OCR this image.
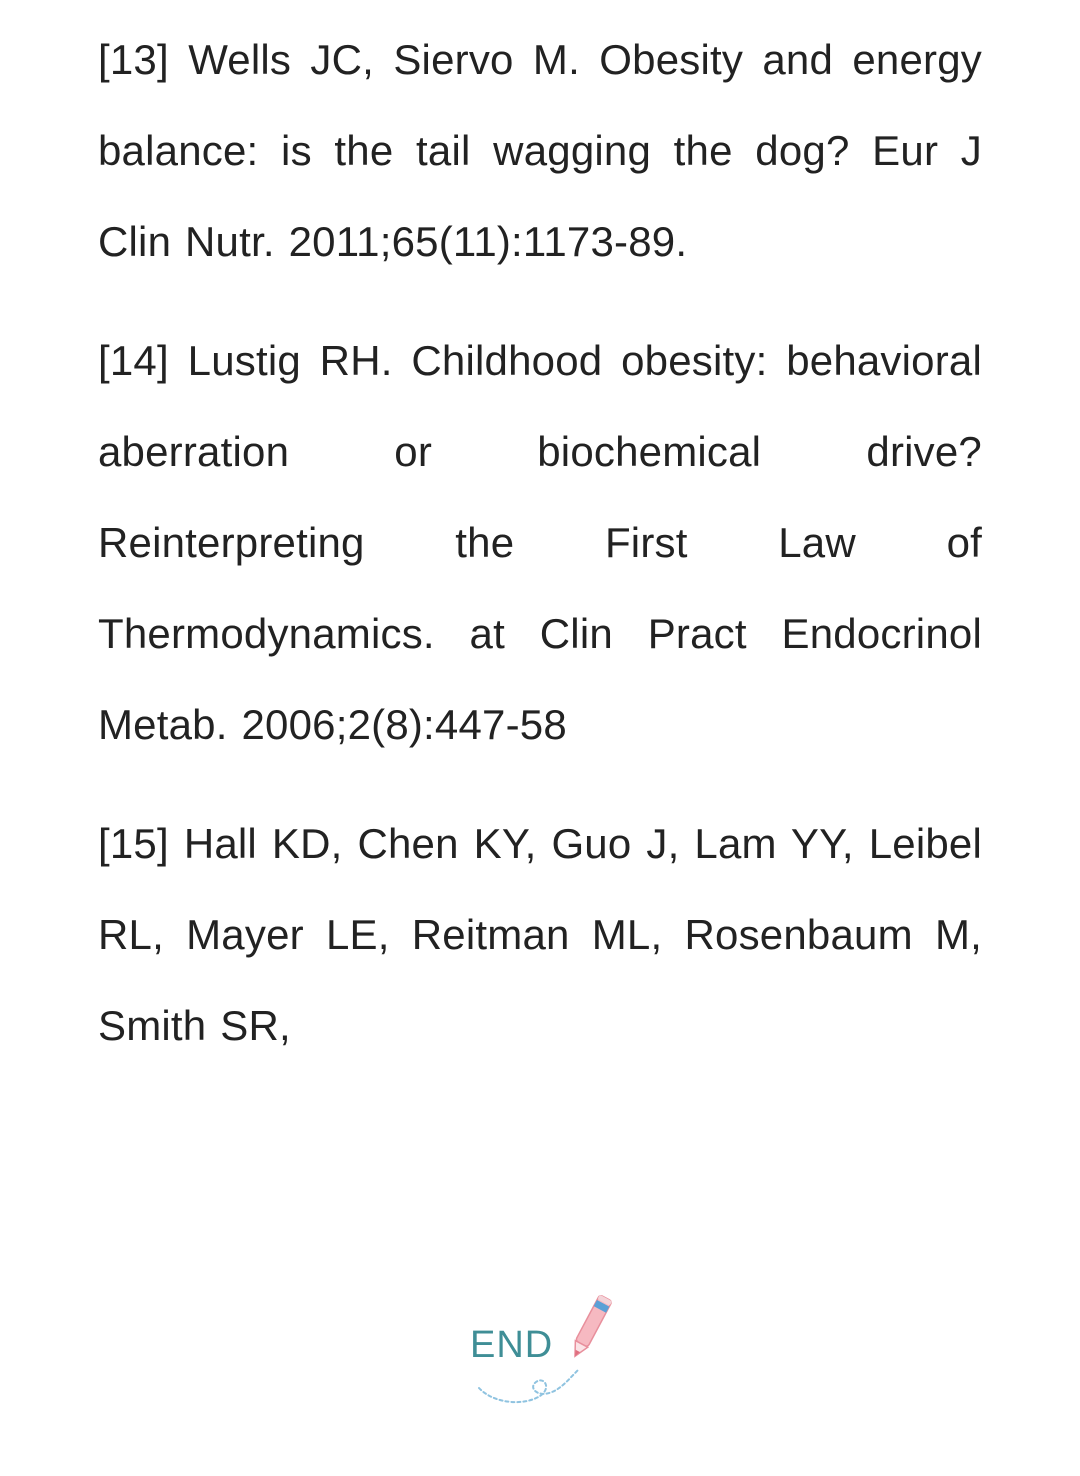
[13] Wells JC, Siervo M. Obesity and energy balance: is the tail wagging the dog? Eur J Clin Nutr. 2011;65(11):1173-89.

[14] Lustig RH. Childhood obesity: behavioral aberration or biochemical drive? Reinterpreting the First Law of Thermodynamics. at Clin Pract Endocrinol Metab. 2006;2(8):447-58

[15] Hall KD, Chen KY, Guo J, Lam YY, Leibel RL, Mayer LE, Reitman ML, Rosenbaum M, Smith SR,

END
